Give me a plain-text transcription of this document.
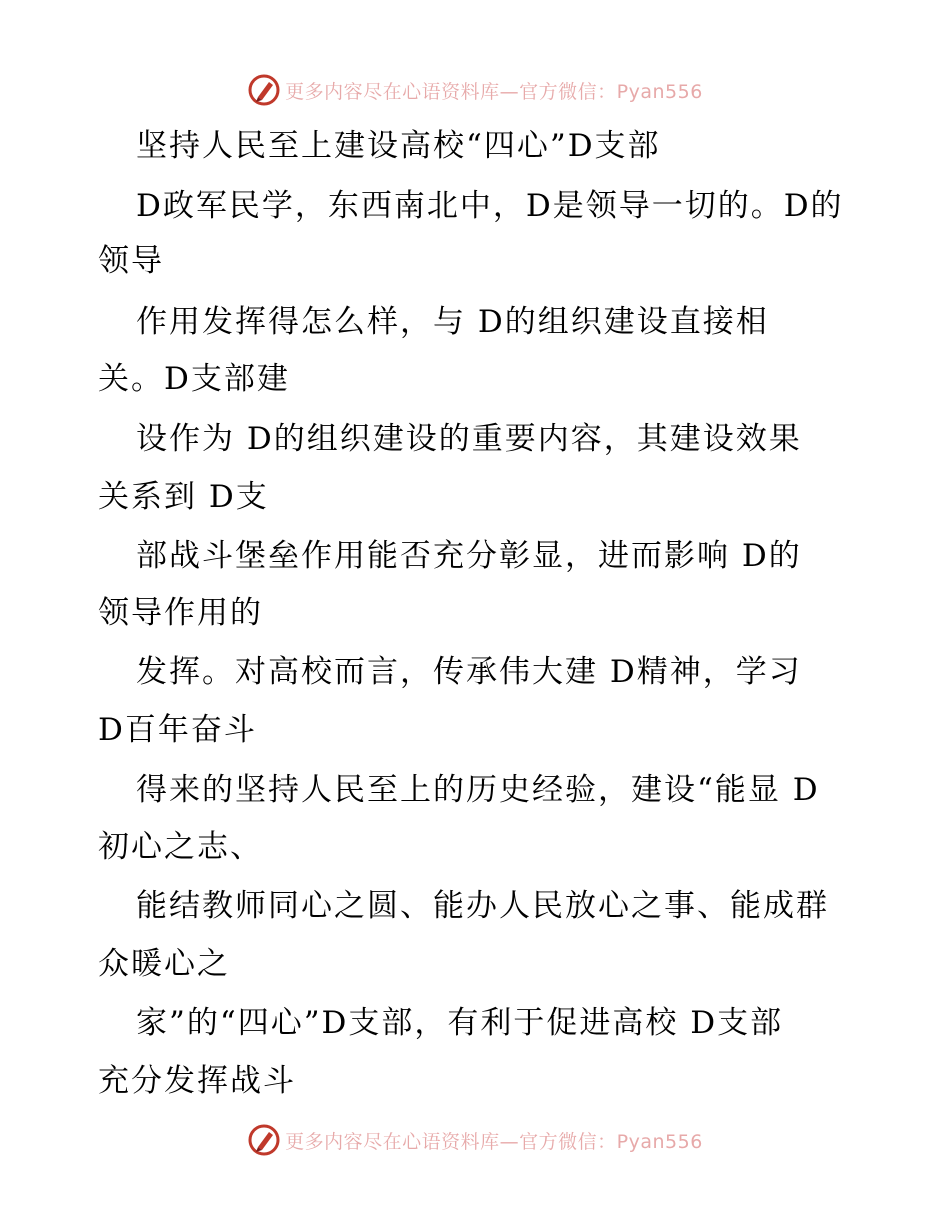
更多内容尽在心语资料库—官方微信：Pyan556
坚持人民至上建设高校“四心”D支部
D政军民学，东西南北中，D是领导一切的。D的
领导
作用发挥得怎么样，与 D的组织建设直接相
关。D支部建
设作为 D的组织建设的重要内容，其建设效果
关系到 D支
部战斗堡垒作用能否充分彰显，进而影响 D的
领导作用的
发挥。对高校而言，传承伟大建 D精神，学习
D百年奋斗
得来的坚持人民至上的历史经验，建设“能显 D
初心之志、
能结教师同心之圆、能办人民放心之事、能成群
众暖心之
家”的“四心”D支部，有利于促进高校 D支部
充分发挥战斗
更多内容尽在心语资料库—官方微信：Pyan556
